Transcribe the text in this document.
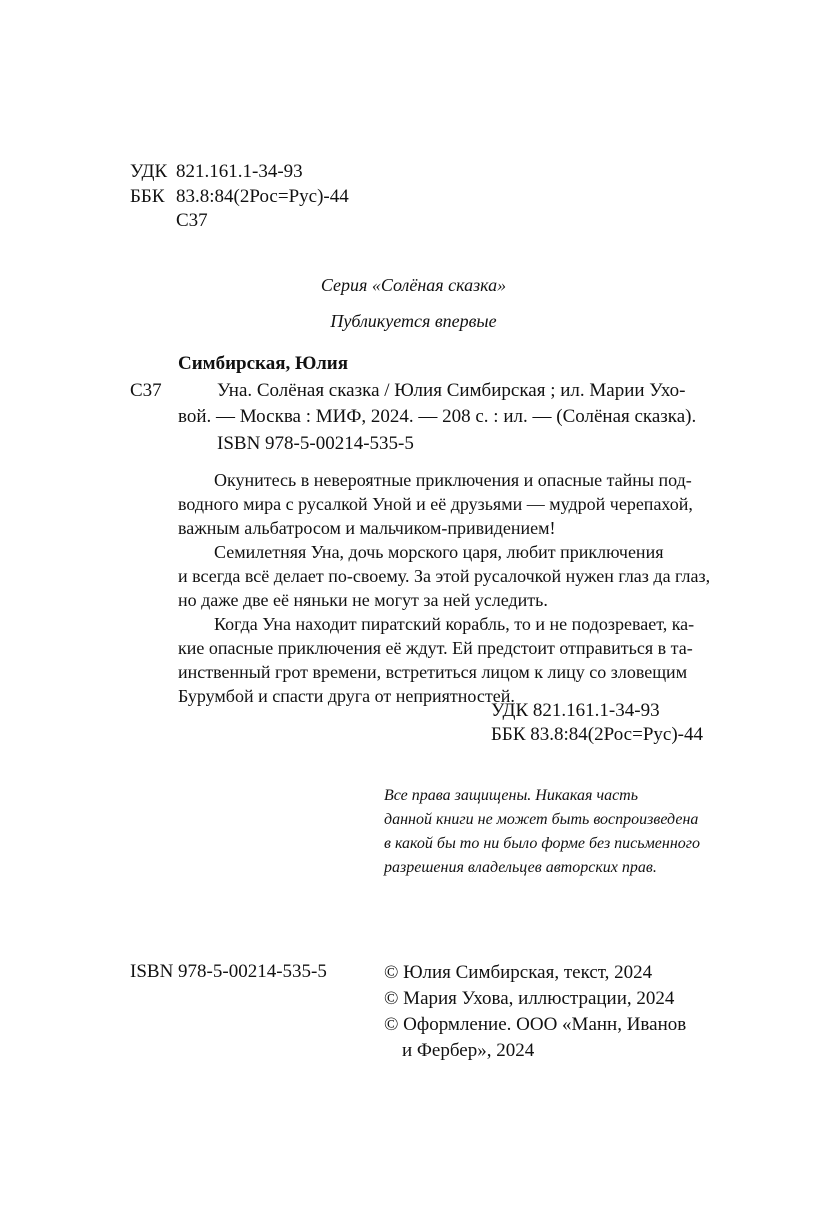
УДК 821.161.1-34-93
ББК 83.8:84(2Рос=Рус)-44
С37
Серия «Солёная сказка»
Публикуется впервые
Симбирская, Юлия
С37	Уна. Солёная сказка / Юлия Симбирская ; ил. Марии Ухо-
вой. — Москва : МИФ, 2024. — 208 с. : ил. — (Солёная сказка).
ISBN 978-5-00214-535-5
Окунитесь в невероятные приключения и опасные тайны под-
водного мира с русалкой Уной и её друзьями — мудрой черепахой,
важным альбатросом и мальчиком-привидением!
Семилетняя Уна, дочь морского царя, любит приключения
и всегда всё делает по-своему. За этой русалочкой нужен глаз да глаз,
но даже две её няньки не могут за ней уследить.
Когда Уна находит пиратский корабль, то и не подозревает, ка-
кие опасные приключения её ждут. Ей предстоит отправиться в та-
инственный грот времени, встретиться лицом к лицу со зловещим
Бурумбой и спасти друга от неприятностей.
УДК 821.161.1-34-93
ББК 83.8:84(2Рос=Рус)-44
Все права защищены. Никакая часть
данной книги не может быть воспроизведена
в какой бы то ни было форме без письменного
разрешения владельцев авторских прав.
ISBN 978-5-00214-535-5	© Юлия Симбирская, текст, 2024
© Мария Ухова, иллюстрации, 2024
© Оформление. ООО «Манн, Иванов
и Фербер», 2024
